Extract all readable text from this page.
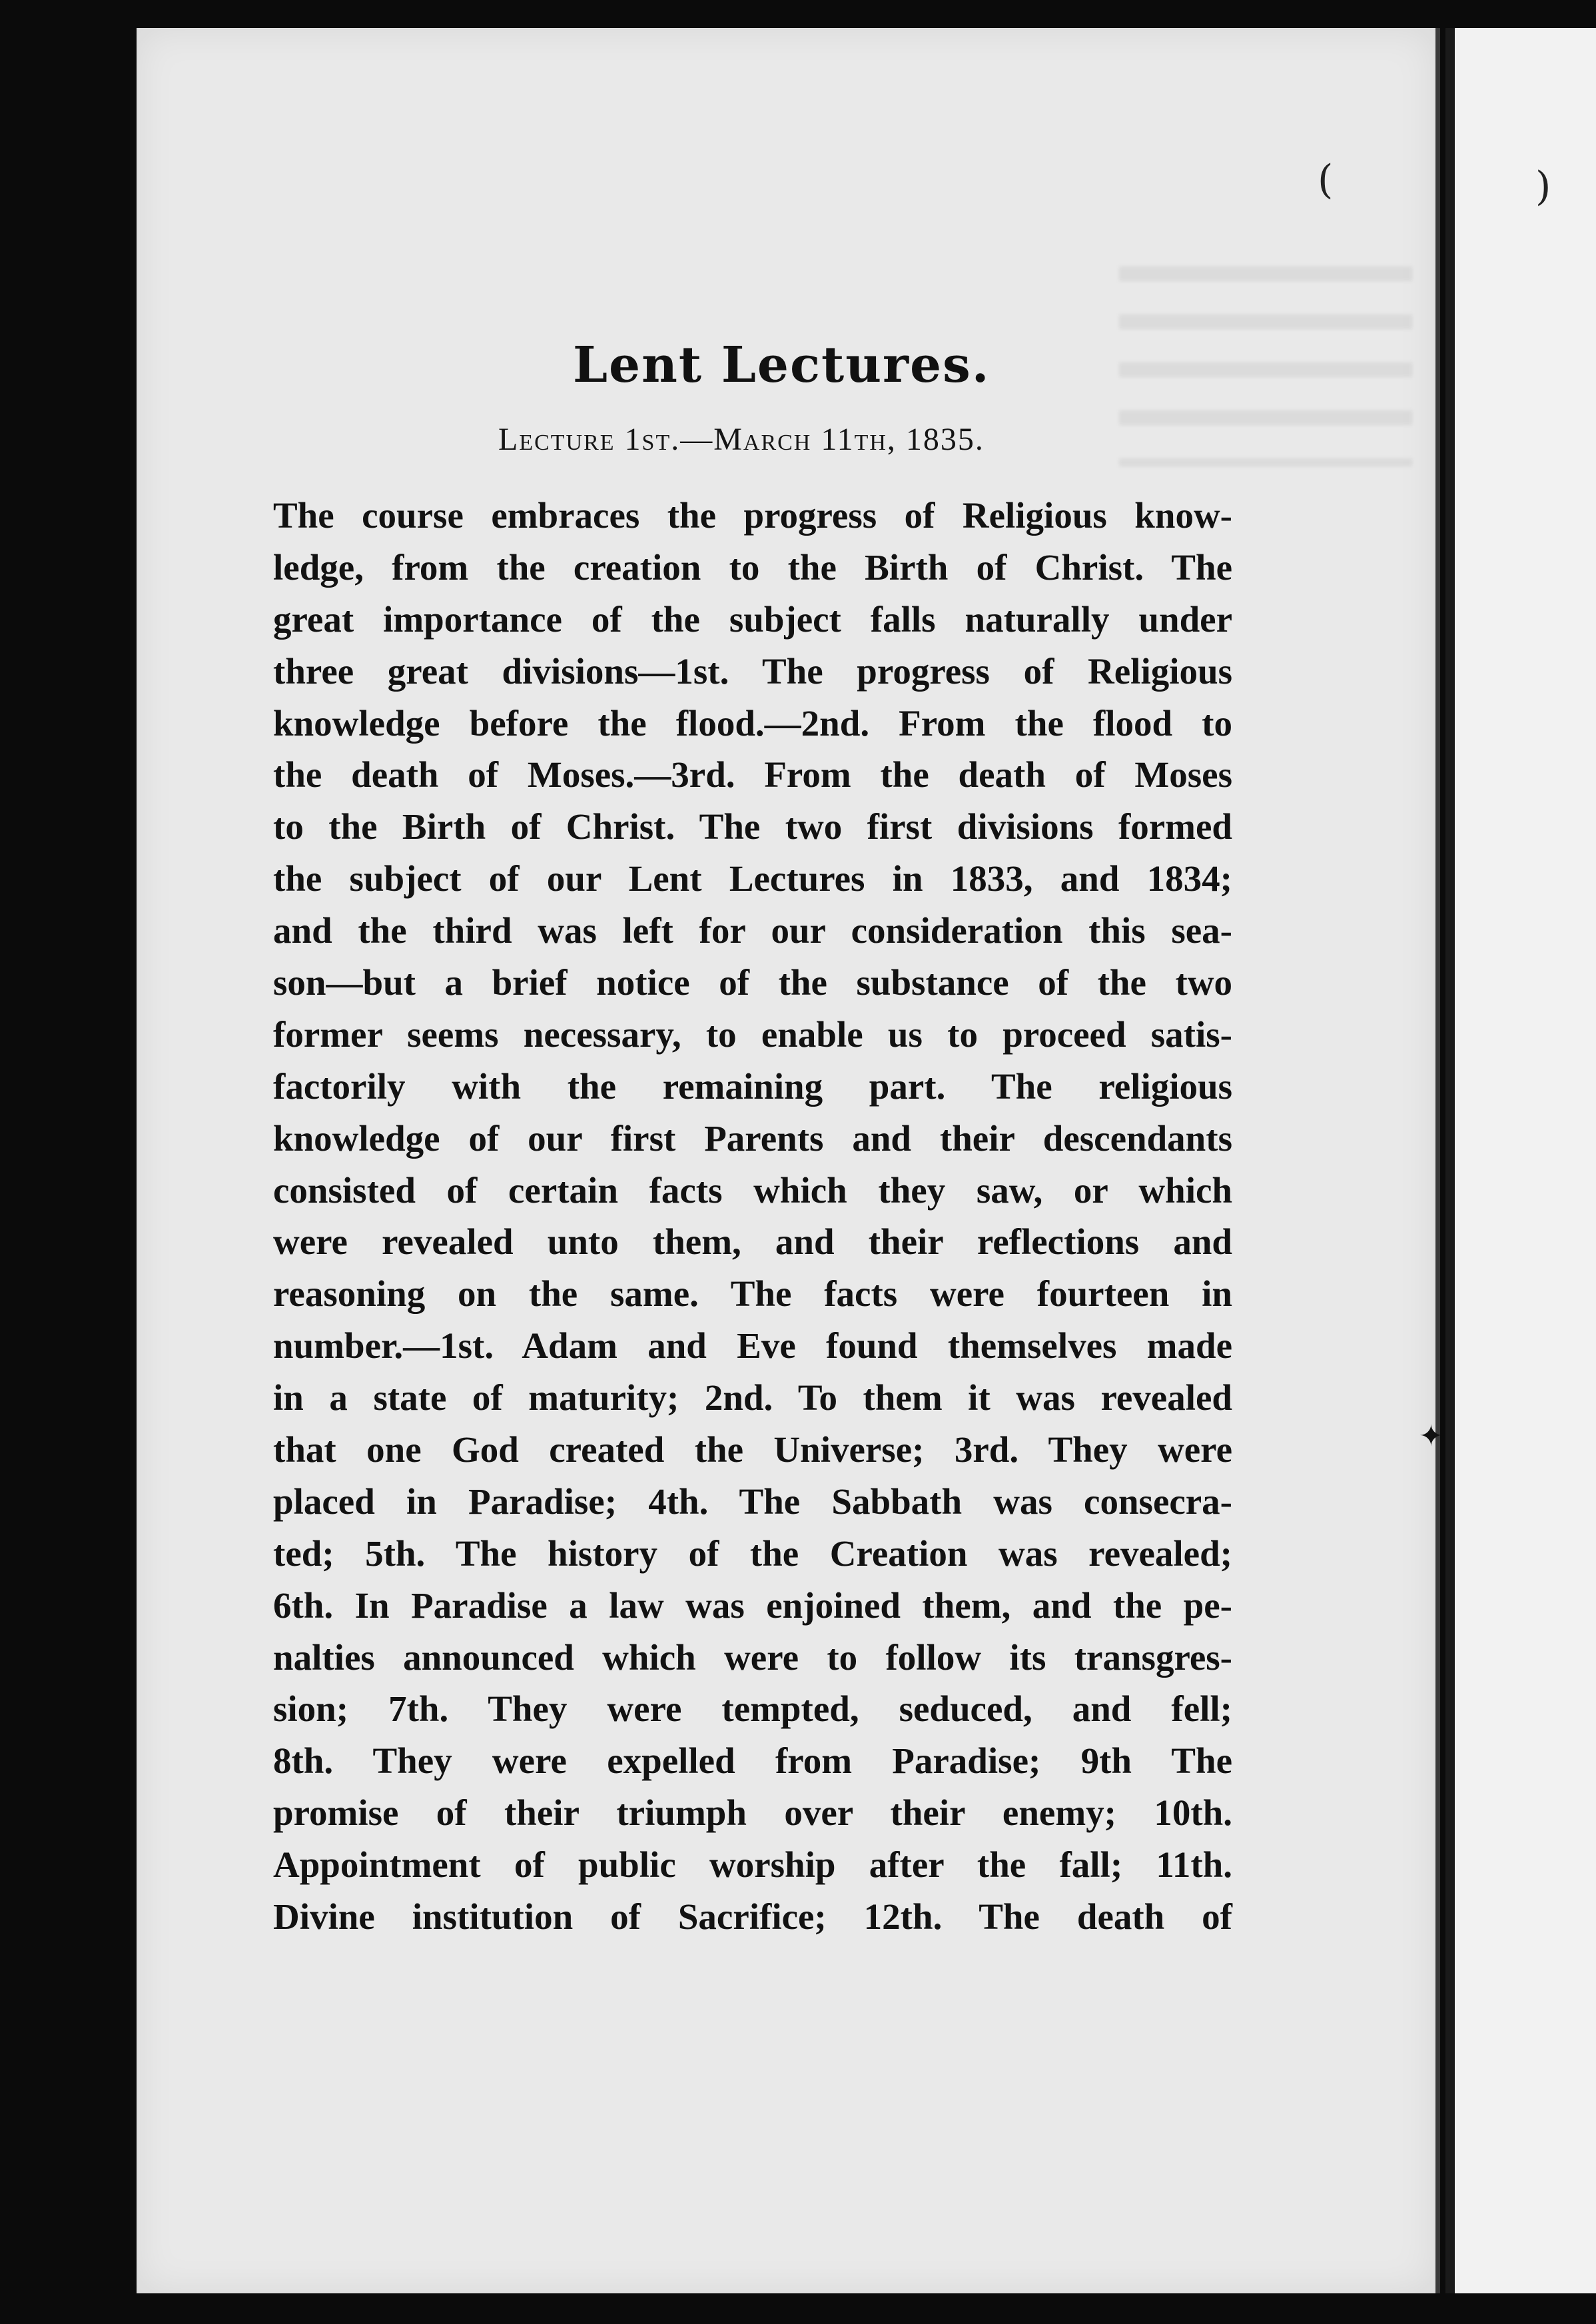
(	)
✦
Lent Lectures.
Lecture 1st.—March 11th, 1835.
The course embraces the progress of Religious know-
ledge, from the creation to the Birth of Christ. The
great importance of the subject falls naturally under
three great divisions—1st. The progress of Religious
knowledge before the flood.—2nd. From the flood to
the death of Moses.—3rd. From the death of Moses
to the Birth of Christ. The two first divisions formed
the subject of our Lent Lectures in 1833, and 1834;
and the third was left for our consideration this sea-
son—but a brief notice of the substance of the two
former seems necessary, to enable us to proceed satis-
factorily with the remaining part. The religious
knowledge of our first Parents and their descendants
consisted of certain facts which they saw, or which
were revealed unto them, and their reflections and
reasoning on the same. The facts were fourteen in
number.—1st. Adam and Eve found themselves made
in a state of maturity; 2nd. To them it was revealed
that one God created the Universe; 3rd. They were
placed in Paradise; 4th. The Sabbath was consecra-
ted; 5th. The history of the Creation was revealed;
6th. In Paradise a law was enjoined them, and the pe-
nalties announced which were to follow its transgres-
sion; 7th. They were tempted, seduced, and fell;
8th. They were expelled from Paradise; 9th The
promise of their triumph over their enemy; 10th.
Appointment of public worship after the fall; 11th.
Divine institution of Sacrifice; 12th. The death of
